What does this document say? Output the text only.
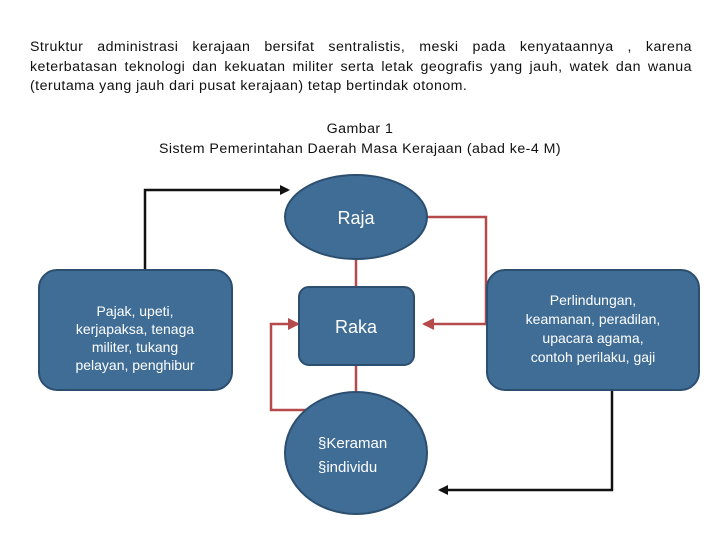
Struktur administrasi kerajaan bersifat sentralistis, meski pada kenyataannya , karena keterbatasan teknologi dan kekuatan militer serta letak geografis yang jauh, watek dan wanua (terutama yang jauh dari pusat kerajaan) tetap bertindak otonom.
Gambar 1
Sistem Pemerintahan Daerah Masa Kerajaan (abad ke-4 M)
Raja
Raka
§Keraman
§individu
Pajak, upeti,
kerjapaksa, tenaga
militer, tukang
pelayan, penghibur
Perlindungan,
keamanan, peradilan,
upacara agama,
contoh perilaku, gaji
